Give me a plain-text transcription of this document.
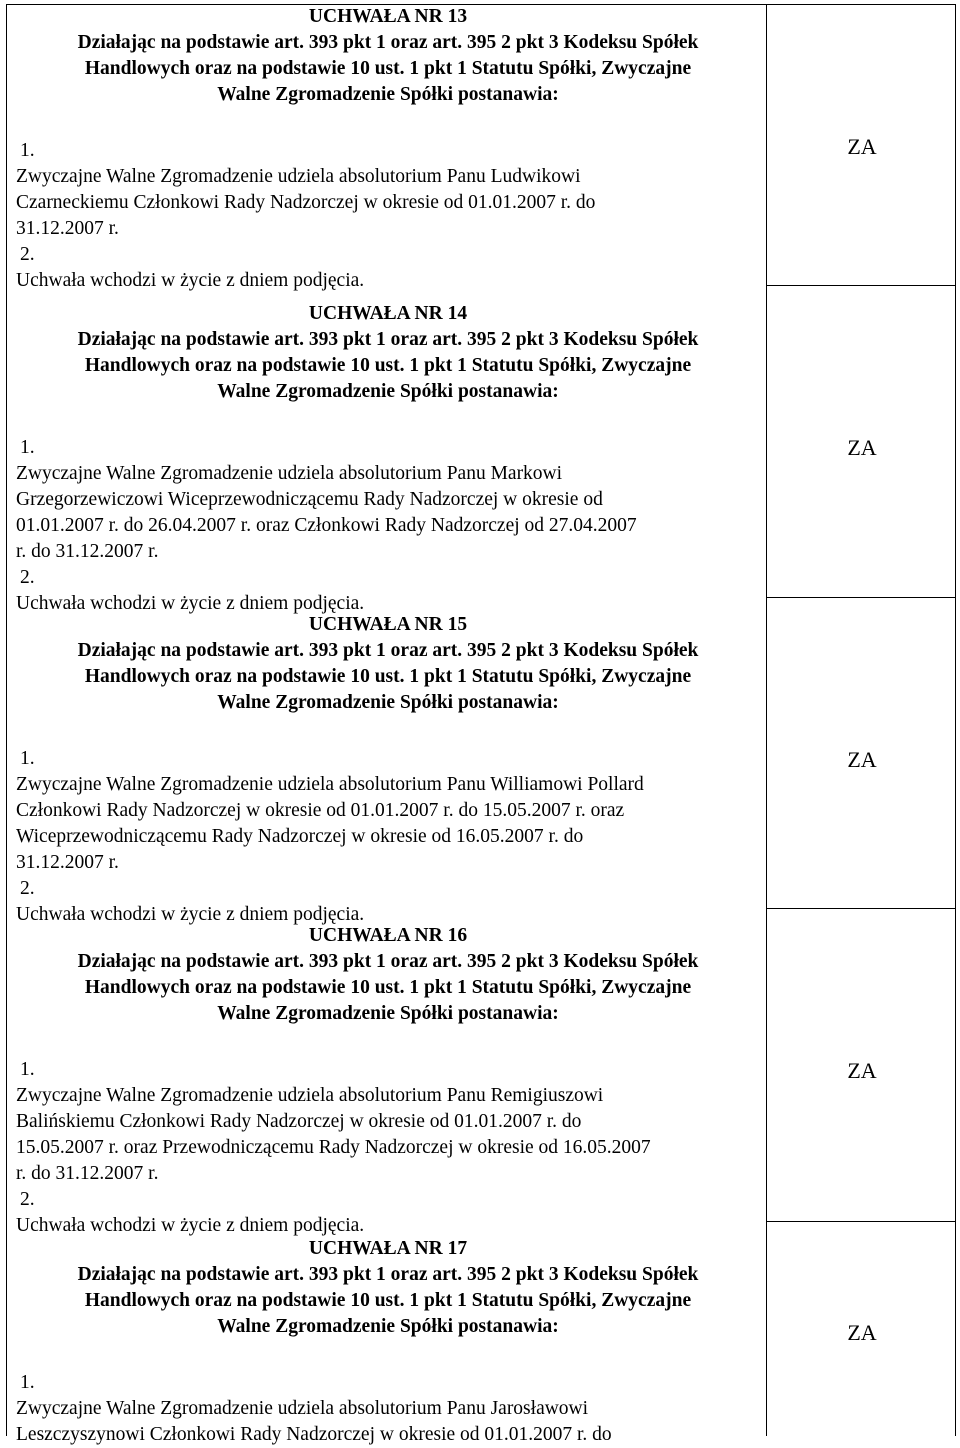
UCHWAŁA NR 13

Działając na podstawie art. 393 pkt 1 oraz art. 395 2 pkt 3 Kodeksu Spółek

Handlowych oraz na podstawie 10 ust. 1 pkt 1 Statutu Spółki, Zwyczajne

Walne Zgromadzenie Spółki postanawia:

1.

Zwyczajne Walne Zgromadzenie udziela absolutorium Panu Ludwikowi

Czarneckiemu Członkowi Rady Nadzorczej w okresie od 01.01.2007 r. do

31.12.2007 r.

2.

Uchwała wchodzi w życie z dniem podjęcia.

UCHWAŁA NR 14

Działając na podstawie art. 393 pkt 1 oraz art. 395 2 pkt 3 Kodeksu Spółek

Handlowych oraz na podstawie 10 ust. 1 pkt 1 Statutu Spółki, Zwyczajne

Walne Zgromadzenie Spółki postanawia:

1.

Zwyczajne Walne Zgromadzenie udziela absolutorium Panu Markowi

Grzegorzewiczowi Wiceprzewodniczącemu Rady Nadzorczej w okresie od

01.01.2007 r. do 26.04.2007 r. oraz Członkowi Rady Nadzorczej od 27.04.2007

r. do 31.12.2007 r.

2.

Uchwała wchodzi w życie z dniem podjęcia.

UCHWAŁA NR 15

Działając na podstawie art. 393 pkt 1 oraz art. 395 2 pkt 3 Kodeksu Spółek

Handlowych oraz na podstawie 10 ust. 1 pkt 1 Statutu Spółki, Zwyczajne

Walne Zgromadzenie Spółki postanawia:

1.

Zwyczajne Walne Zgromadzenie udziela absolutorium Panu Williamowi Pollard

Członkowi Rady Nadzorczej w okresie od 01.01.2007 r. do 15.05.2007 r. oraz

Wiceprzewodniczącemu Rady Nadzorczej w okresie od 16.05.2007 r. do

31.12.2007 r.

2.

Uchwała wchodzi w życie z dniem podjęcia.

UCHWAŁA NR 16

Działając na podstawie art. 393 pkt 1 oraz art. 395 2 pkt 3 Kodeksu Spółek

Handlowych oraz na podstawie 10 ust. 1 pkt 1 Statutu Spółki, Zwyczajne

Walne Zgromadzenie Spółki postanawia:

1.

Zwyczajne Walne Zgromadzenie udziela absolutorium Panu Remigiuszowi

Balińskiemu Członkowi Rady Nadzorczej w okresie od 01.01.2007 r. do

15.05.2007 r. oraz Przewodniczącemu Rady Nadzorczej w okresie od 16.05.2007

r. do 31.12.2007 r.

2.

Uchwała wchodzi w życie z dniem podjęcia.

UCHWAŁA NR 17

Działając na podstawie art. 393 pkt 1 oraz art. 395 2 pkt 3 Kodeksu Spółek

Handlowych oraz na podstawie 10 ust. 1 pkt 1 Statutu Spółki, Zwyczajne

Walne Zgromadzenie Spółki postanawia:

1.

Zwyczajne Walne Zgromadzenie udziela absolutorium Panu Jarosławowi

Leszczyszynowi Członkowi Rady Nadzorczej w okresie od 01.01.2007 r. do

ZA
ZA
ZA
ZA
ZA
